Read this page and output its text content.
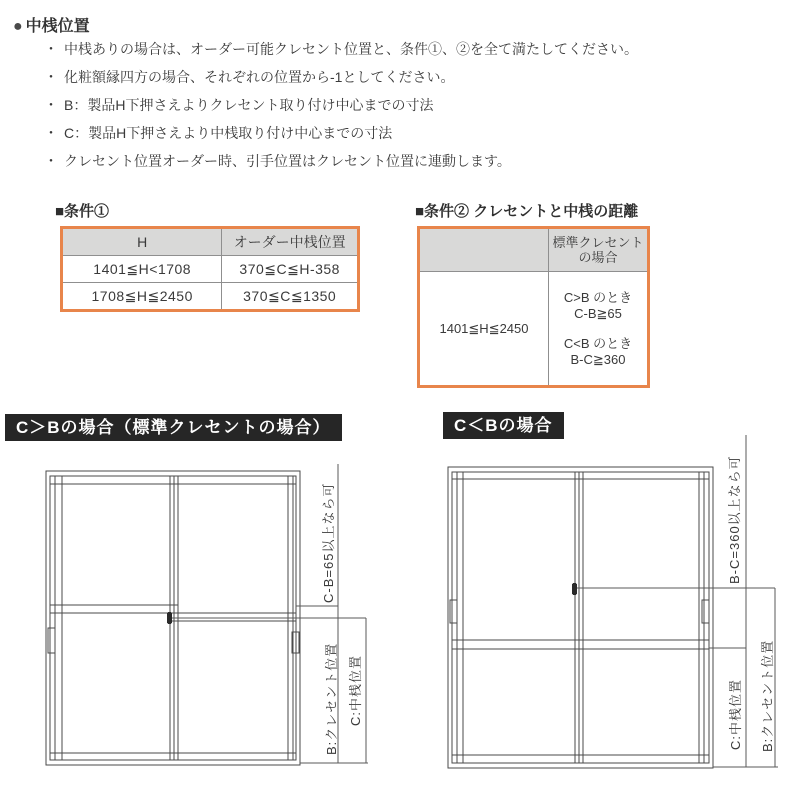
● 中桟位置
・ 中桟ありの場合は、オーダー可能クレセント位置と、条件①、②を全て満たしてください。
・ 化粧額縁四方の場合、それぞれの位置から-1としてください。
・ B：製品H下押さえよりクレセント取り付け中心までの寸法
・ C：製品H下押さえより中桟取り付け中心までの寸法
・ クレセント位置オーダー時、引手位置はクレセント位置に連動します。
■条件①
H	オーダー中桟位置
1401≦H<1708	370≦C≦H-358
1708≦H≦2450	370≦C≦1350
■条件② クレセントと中桟の距離

	標準クレセント
の場合

1401≦H≦2450	C>B のとき
C-B≧65
C<B のとき
B-C≧360
C＞Bの場合（標準クレセントの場合）	C＜Bの場合
C-B=65以上なら可
B:クレセント位置 C:中桟位置
B-C=360以上なら可
C:中桟位置 B:クレセント位置
